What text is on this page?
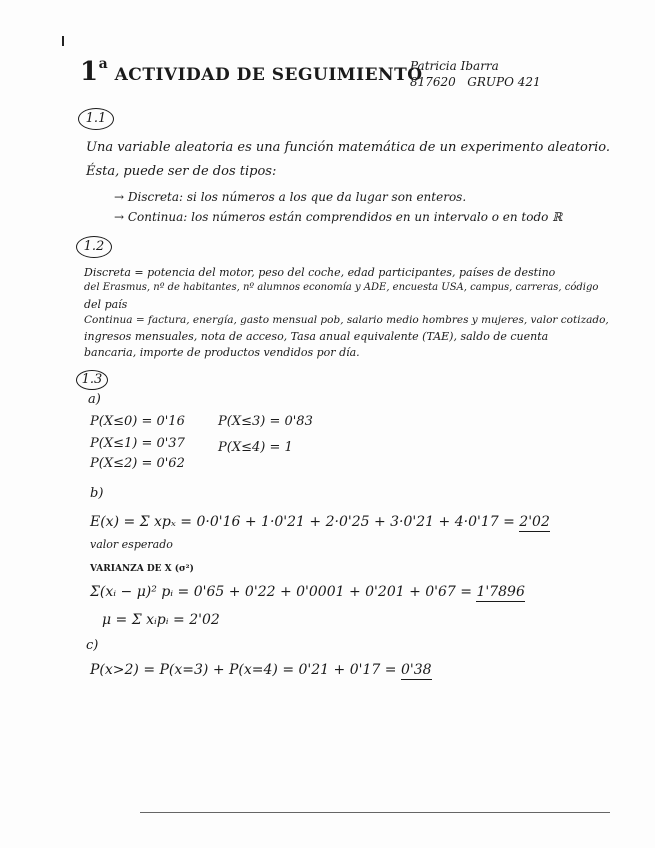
1$^a$ ACTIVIDAD DE SEGUIMIENTO
Patricia Ibarra
817620 GRUPO 421
1.1
Una variable aleatoria es una función matemática de un experimento aleatorio.
Ésta, puede ser de dos tipos:
→ Discreta: si los números a los que da lugar son enteros.
→ Continua: los números están comprendidos en un intervalo o en todo ℝ
1.2
Discreta = potencia del motor, peso del coche, edad participantes, países de destino
del Erasmus, nº de habitantes, nº alumnos economía y ADE, encuesta USA, campus, carreras, código
del país
Continua = factura, energía, gasto mensual pob, salario medio hombres y mujeres, valor cotizado,
ingresos mensuales, nota de acceso, Tasa anual equivalente (TAE), saldo de cuenta
bancaria, importe de productos vendidos por día.
1.3
a)
P(X≤0) = 0'16
P(X≤1) = 0'37
P(X≤2) = 0'62
P(X≤3) = 0'83
P(X≤4) = 1
b)
E(x) = Σ xpₓ = 0·0'16 + 1·0'21 + 2·0'25 + 3·0'21 + 4·0'17 = 2'02
valor esperado
VARIANZA DE X (σ²)
Σ(xᵢ − μ)² pᵢ = 0'65 + 0'22 + 0'0001 + 0'201 + 0'67 = 1'7896
μ = Σ xᵢpᵢ = 2'02
c)
P(x>2) = P(x=3) + P(x=4) = 0'21 + 0'17 = 0'38
